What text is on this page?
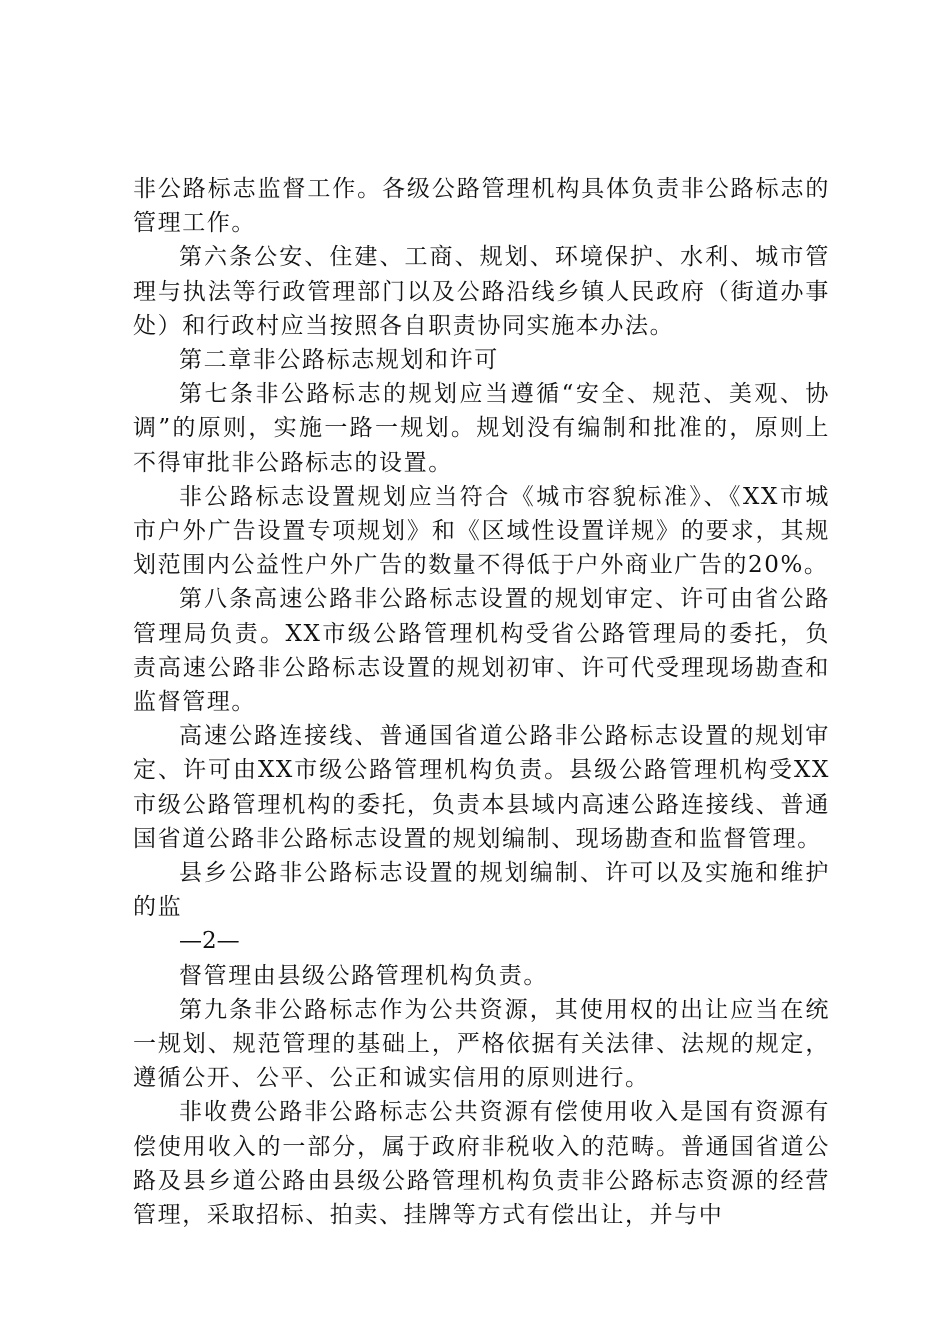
非公路标志监督工作。各级公路管理机构具体负责非公路标志的管理工作。

第六条公安、住建、工商、规划、环境保护、水利、城市管理与执法等行政管理部门以及公路沿线乡镇人民政府（街道办事处）和行政村应当按照各自职责协同实施本办法。

第二章非公路标志规划和许可

第七条非公路标志的规划应当遵循“安全、规范、美观、协调”的原则，实施一路一规划。规划没有编制和批准的，原则上不得审批非公路标志的设置。

非公路标志设置规划应当符合《城市容貌标准》、《XX市城市户外广告设置专项规划》和《区域性设置详规》的要求，其规划范围内公益性户外广告的数量不得低于户外商业广告的20%。

第八条高速公路非公路标志设置的规划审定、许可由省公路管理局负责。XX市级公路管理机构受省公路管理局的委托，负责高速公路非公路标志设置的规划初审、许可代受理现场勘查和监督管理。

高速公路连接线、普通国省道公路非公路标志设置的规划审定、许可由XX市级公路管理机构负责。县级公路管理机构受XX市级公路管理机构的委托，负责本县域内高速公路连接线、普通国省道公路非公路标志设置的规划编制、现场勘查和监督管理。

县乡公路非公路标志设置的规划编制、许可以及实施和维护的监

—2—

督管理由县级公路管理机构负责。

第九条非公路标志作为公共资源，其使用权的出让应当在统一规划、规范管理的基础上，严格依据有关法律、法规的规定，遵循公开、公平、公正和诚实信用的原则进行。

非收费公路非公路标志公共资源有偿使用收入是国有资源有偿使用收入的一部分，属于政府非税收入的范畴。普通国省道公路及县乡道公路由县级公路管理机构负责非公路标志资源的经营管理，采取招标、拍卖、挂牌等方式有偿出让，并与中
